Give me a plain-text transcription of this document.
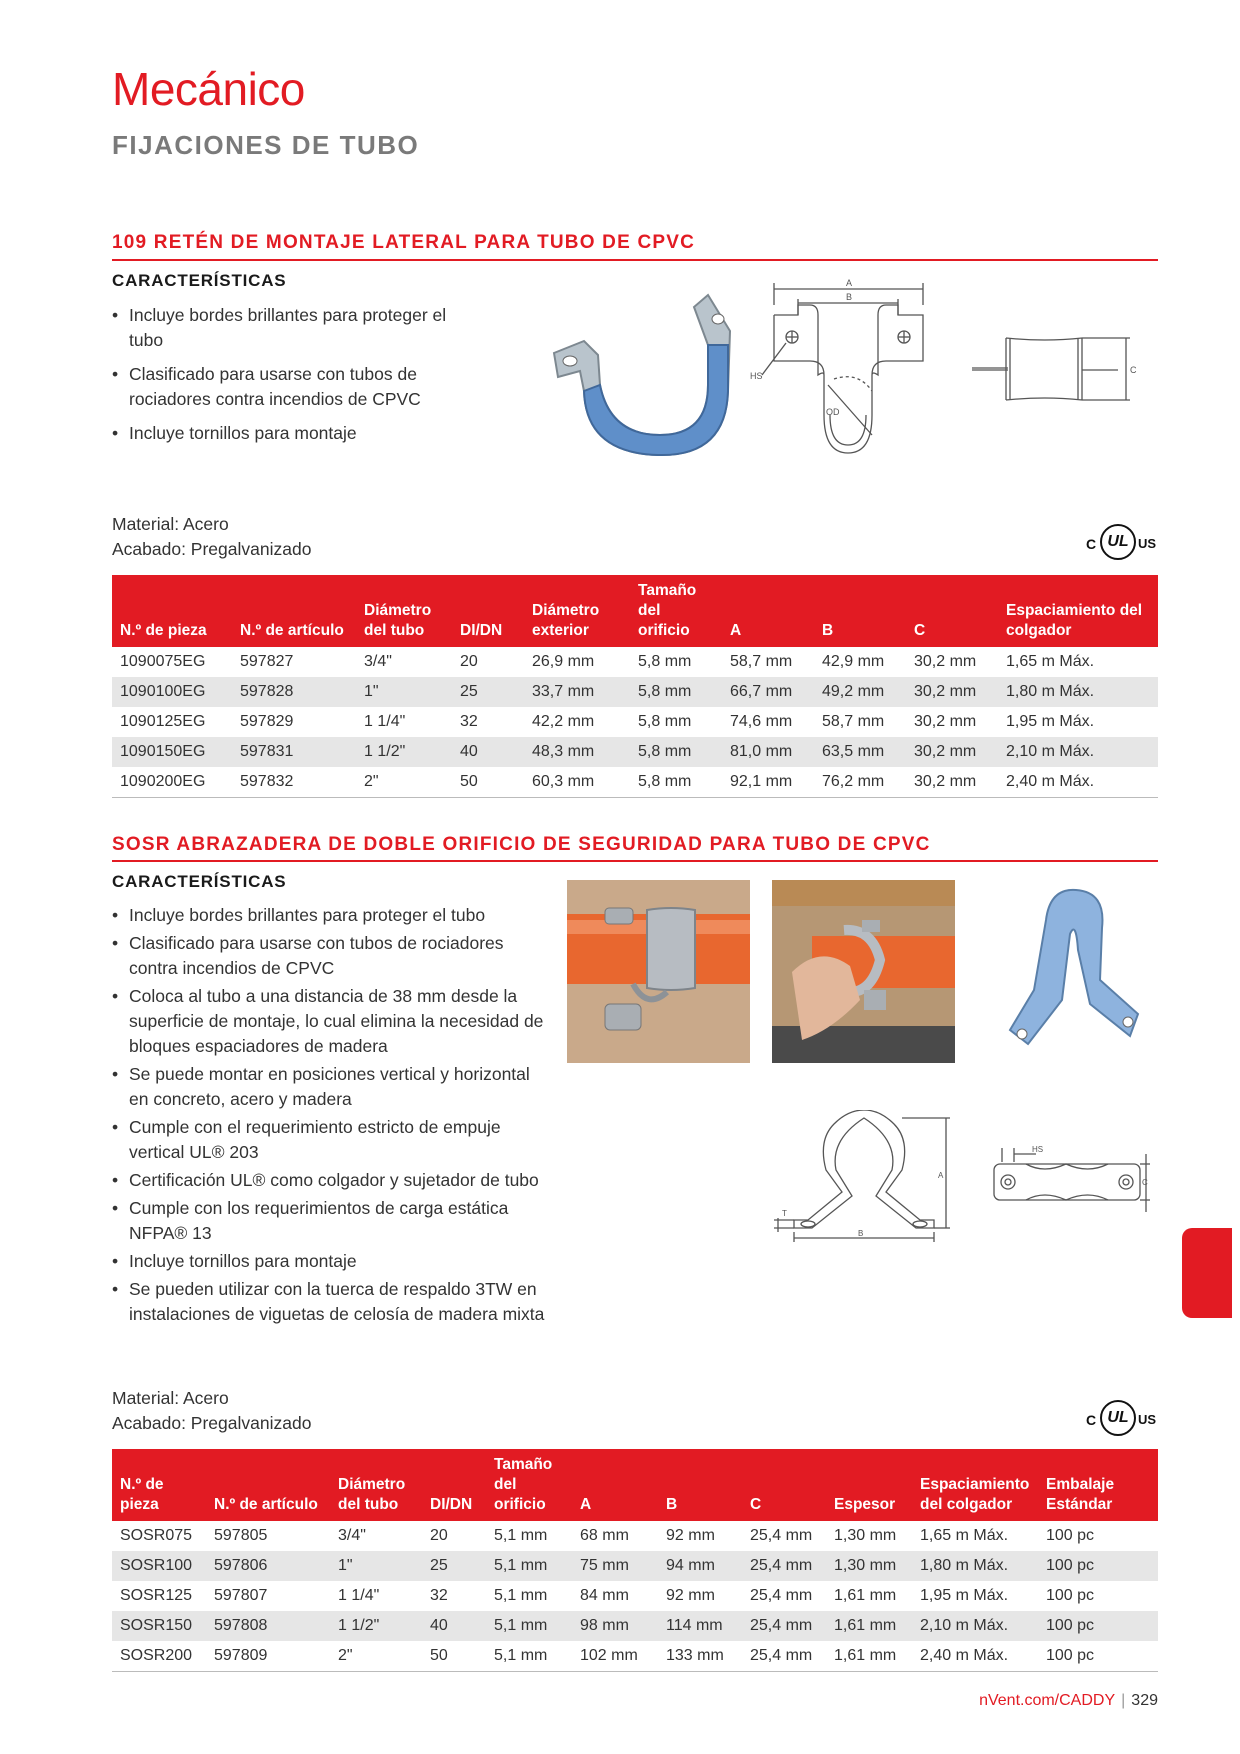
Mecánico
FIJACIONES DE TUBO
109 RETÉN DE MONTAJE LATERAL PARA TUBO DE CPVC
CARACTERÍSTICAS
• Incluye bordes brillantes para proteger el tubo
• Clasificado para usarse con tubos de rociadores contra incendios de CPVC
• Incluye tornillos para montaje
A
B
HS
OD
C
Material: Acero
Acabado: Pregalvanizado	C UL US
N.º de pieza	N.º de artículo	Diámetro del tubo	DI/DN	Diámetro exterior	Tamaño del orificio	A	B	C	Espaciamiento del colgador
1090075EG	597827	3/4"	20	26,9 mm	5,8 mm	58,7 mm	42,9 mm	30,2 mm	1,65 m Máx.
1090100EG	597828	1"	25	33,7 mm	5,8 mm	66,7 mm	49,2 mm	30,2 mm	1,80 m Máx.
1090125EG	597829	1 1/4"	32	42,2 mm	5,8 mm	74,6 mm	58,7 mm	30,2 mm	1,95 m Máx.
1090150EG	597831	1 1/2"	40	48,3 mm	5,8 mm	81,0 mm	63,5 mm	30,2 mm	2,10 m Máx.
1090200EG	597832	2"	50	60,3 mm	5,8 mm	92,1 mm	76,2 mm	30,2 mm	2,40 m Máx.
SOSR ABRAZADERA DE DOBLE ORIFICIO DE SEGURIDAD PARA TUBO DE CPVC
CARACTERÍSTICAS
• Incluye bordes brillantes para proteger el tubo
• Clasificado para usarse con tubos de rociadores contra incendios de CPVC
• Coloca al tubo a una distancia de 38 mm desde la superficie de montaje, lo cual elimina la necesidad de bloques espaciadores de madera
• Se puede montar en posiciones vertical y horizontal en concreto, acero y madera
• Cumple con el requerimiento estricto de empuje vertical UL® 203
• Certificación UL® como colgador y sujetador de tubo
• Cumple con los requerimientos de carga estática NFPA® 13
• Incluye tornillos para montaje
• Se pueden utilizar con la tuerca de respaldo 3TW en instalaciones de viguetas de celosía de madera mixta
A
B
T
HS
C
Material: Acero
Acabado: Pregalvanizado	C UL US
N.º de pieza	N.º de artículo	Diámetro del tubo	DI/DN	Tamaño del orificio	A	B	C	Espesor	Espaciamiento del colgador	Embalaje Estándar
SOSR075	597805	3/4"	20	5,1 mm	68 mm	92 mm	25,4 mm	1,30 mm	1,65 m Máx.	100 pc
SOSR100	597806	1"	25	5,1 mm	75 mm	94 mm	25,4 mm	1,30 mm	1,80 m Máx.	100 pc
SOSR125	597807	1 1/4"	32	5,1 mm	84 mm	92 mm	25,4 mm	1,61 mm	1,95 m Máx.	100 pc
SOSR150	597808	1 1/2"	40	5,1 mm	98 mm	114 mm	25,4 mm	1,61 mm	2,10 m Máx.	100 pc
SOSR200	597809	2"	50	5,1 mm	102 mm	133 mm	25,4 mm	1,61 mm	2,40 m Máx.	100 pc
nVent.com/CADDY | 329
